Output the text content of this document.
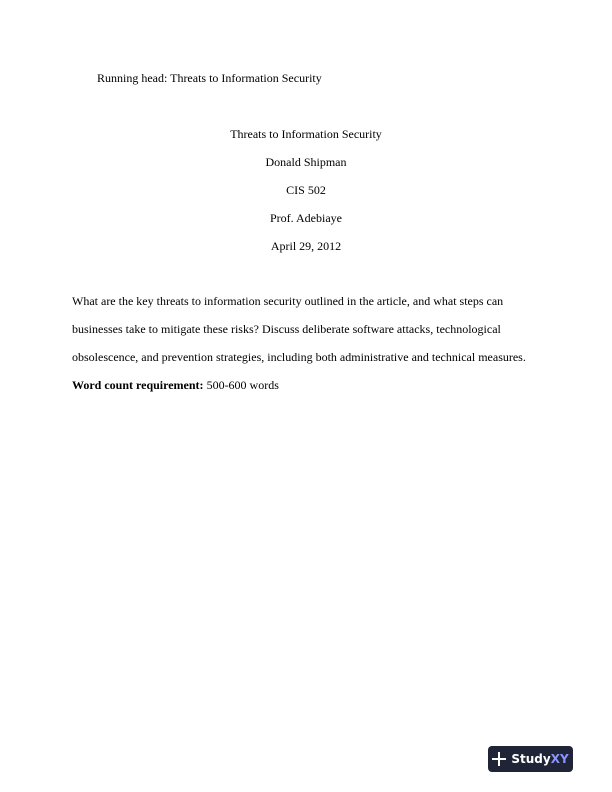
Running head: Threats to Information Security
Threats to Information Security
Donald Shipman
CIS 502
Prof. Adebiaye
April 29, 2012
What are the key threats to information security outlined in the article, and what steps can
businesses take to mitigate these risks? Discuss deliberate software attacks, technological
obsolescence, and prevention strategies, including both administrative and technical measures.
Word count requirement: 500-600 words
StudyXY
